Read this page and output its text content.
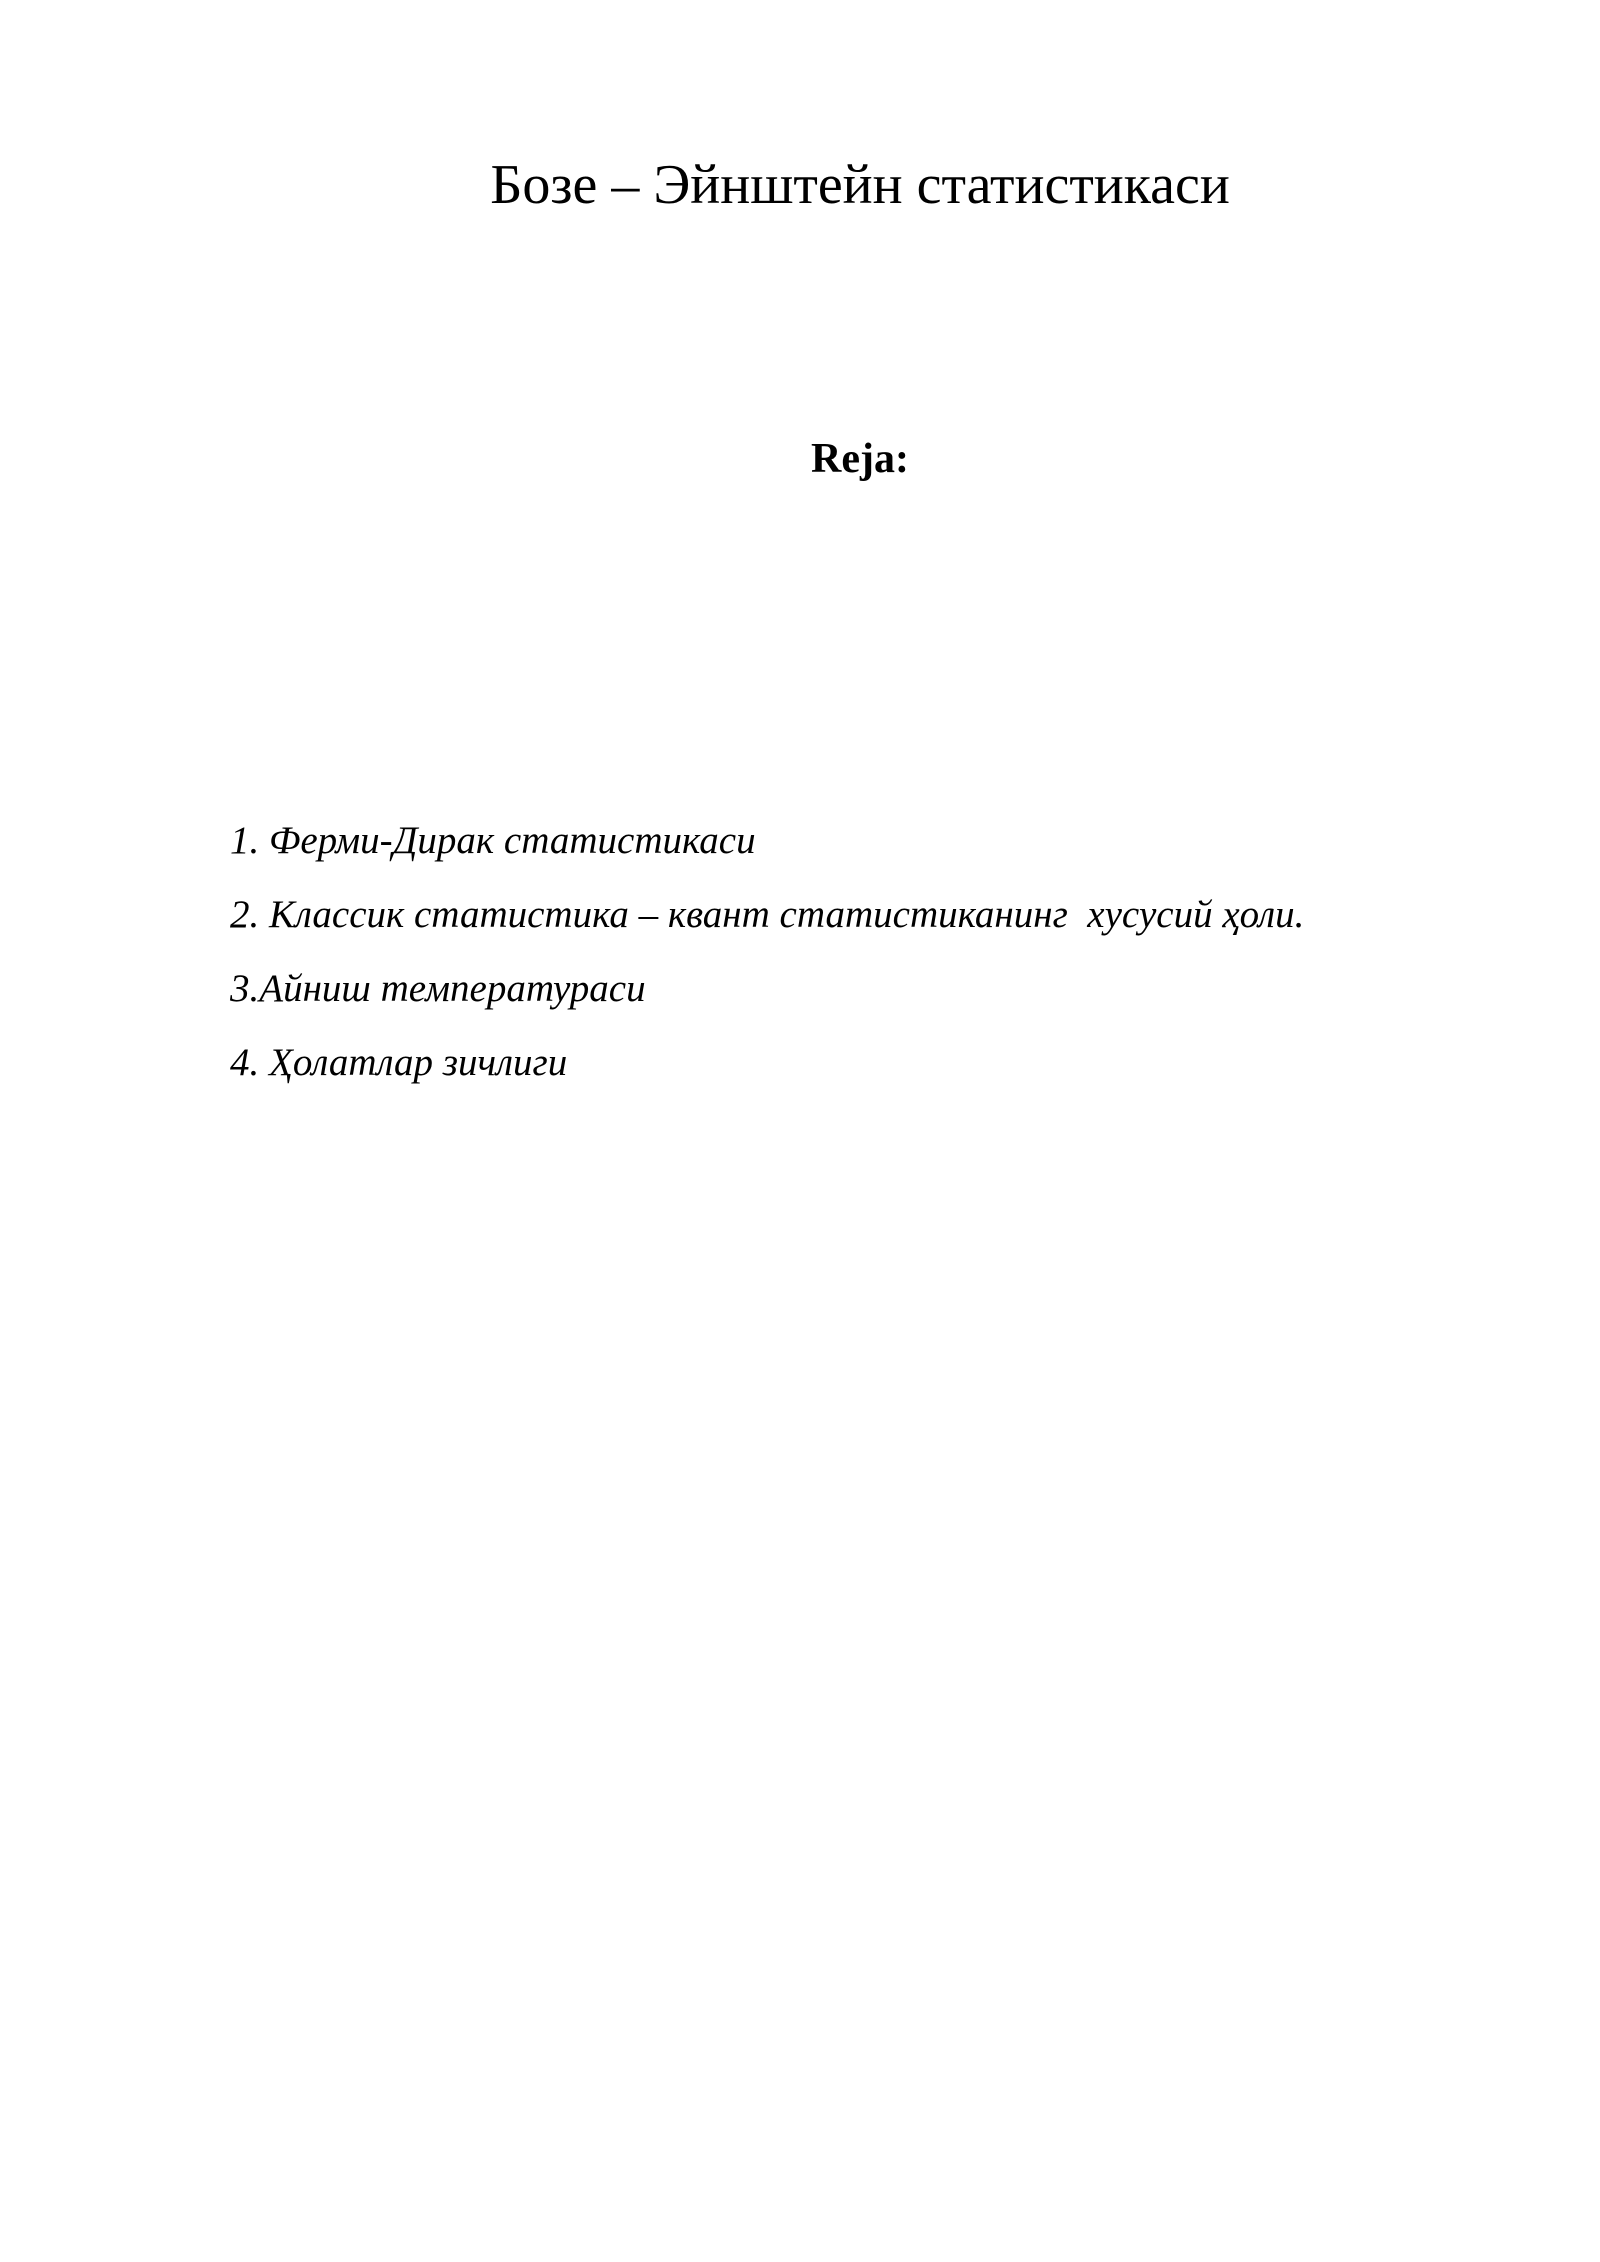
Бозе – Эйнштейн статистикаси
Reja:
1. Ферми-Дирак статистикаси
2. Классик статистика – квант статистиканинг  хусусий ҳоли.
3.Айниш температураси
4. Ҳолатлар зичлиги
